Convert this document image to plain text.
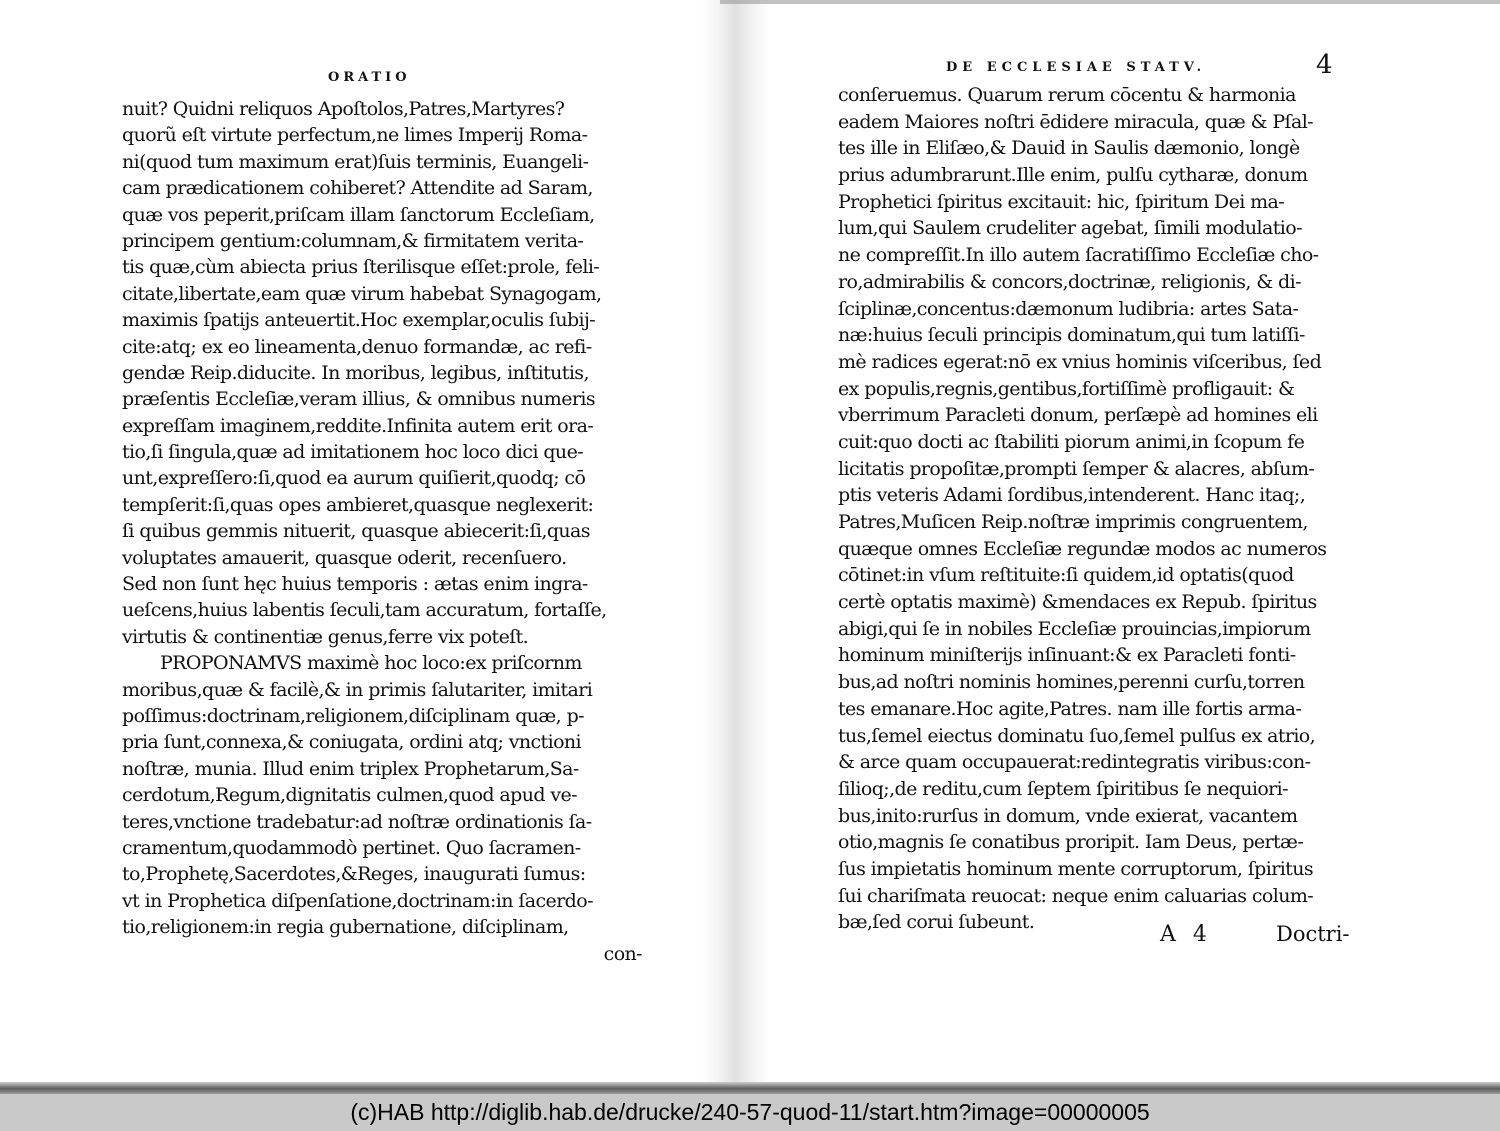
ORATIO
nuit? Quidni reliquos Apoſtolos,Patres,Martyres?
quorũ eſt virtute perfectum,ne limes Imperij Roma-
ni(quod tum maximum erat)ſuis terminis, Euangeli-
cam prædicationem cohiberet? Attendite ad Saram,
quæ vos peperit,priſcam illam ſanctorum Eccleſiam,
principem gentium:columnam,& firmitatem verita-
tis quæ,cùm abiecta prius ſterilisque eſſet:prole, feli-
citate,libertate,eam quæ virum habebat Synagogam,
maximis ſpatijs anteuertit.Hoc exemplar,oculis ſubij-
cite:atq; ex eo lineamenta,denuo formandæ, ac refi-
gendæ Reip.diducite. In moribus, legibus, inſtitutis,
præſentis Eccleſiæ,veram illius, & omnibus numeris
expreſſam imaginem,reddite.Infinita autem erit ora-
tio,ſi ſingula,quæ ad imitationem hoc loco dici que-
unt,expreſſero:ſi,quod ea aurum quiſierit,quodq; cō
tempſerit:ſi,quas opes ambieret,quasque neglexerit:
ſi quibus gemmis nituerit, quasque abiecerit:ſi,quas
voluptates amauerit, quasque oderit, recenſuero.
Sed non ſunt hęc huius temporis : ætas enim ingra-
ueſcens,huius labentis ſeculi,tam accuratum, fortaſſe,
virtutis & continentiæ genus,ferre vix poteſt.
PROPONAMVS maximè hoc loco:ex priſcornm
moribus,quæ & facilè,& in primis ſalutariter, imitari
poſſimus:doctrinam,religionem,diſciplinam quæ, p-
pria ſunt,connexa,& coniugata, ordini atq; vnctioni
noſtræ, munia. Illud enim triplex Prophetarum,Sa-
cerdotum,Regum,dignitatis culmen,quod apud ve-
teres,vnctione tradebatur:ad noſtræ ordinationis ſa-
cramentum,quodammodò pertinet. Quo ſacramen-
to,Prophetę,Sacerdotes,&Reges, inaugurati ſumus:
vt in Prophetica diſpenſatione,doctrinam:in ſacerdo-
tio,religionem:in regia gubernatione, diſciplinam,
con-
DE ECCLESIAE STATV.	4
conſeruemus. Quarum rerum cōcentu & harmonia
eadem Maiores noſtri ēdidere miracula, quæ & Pſal-
tes ille in Eliſæo,& Dauid in Saulis dæmonio, longè
prius adumbrarunt.Ille enim, pulſu cytharæ, donum
Prophetici ſpiritus excitauit: hic, ſpiritum Dei ma-
lum,qui Saulem crudeliter agebat, ſimili modulatio-
ne compreſſit.In illo autem ſacratiſſimo Eccleſiæ cho-
ro,admirabilis & concors,doctrinæ, religionis, & di-
ſciplinæ,concentus:dæmonum ludibria: artes Sata-
næ:huius ſeculi principis dominatum,qui tum latiſſi-
mè radices egerat:nō ex vnius hominis viſceribus, ſed
ex populis,regnis,gentibus,fortiſſimè profligauit: &
vberrimum Paracleti donum, perſæpè ad homines eli
cuit:quo docti ac ſtabiliti piorum animi,in ſcopum fe
licitatis propoſitæ,prompti ſemper & alacres, abſum-
ptis veteris Adami ſordibus,intenderent. Hanc itaq;,
Patres,Muſicen Reip.noſtræ imprimis congruentem,
quæque omnes Eccleſiæ regundæ modos ac numeros
cōtinet:in vſum reſtituite:ſi quidem,id optatis(quod
certè optatis maximè) &mendaces ex Repub. ſpiritus
abigi,qui ſe in nobiles Eccleſiæ prouincias,impiorum
hominum miniſterijs inſinuant:& ex Paracleti fonti-
bus,ad noſtri nominis homines,perenni curſu,torren
tes emanare.Hoc agite,Patres. nam ille fortis arma-
tus,ſemel eiectus dominatu ſuo,ſemel pulſus ex atrio,
& arce quam occupauerat:redintegratis viribus:con-
ſilioq;,de reditu,cum ſeptem ſpiritibus ſe nequiori-
bus,inito:rurſus in domum, vnde exierat, vacantem
otio,magnis ſe conatibus proripit. Iam Deus, pertæ-
ſus impietatis hominum mente corruptorum, ſpiritus
ſui chariſmata reuocat: neque enim caluarias colum-
bæ,ſed corui ſubeunt.	A 4	Doctri-
(c)HAB http://diglib.hab.de/drucke/240-57-quod-11/start.htm?image=00000005
